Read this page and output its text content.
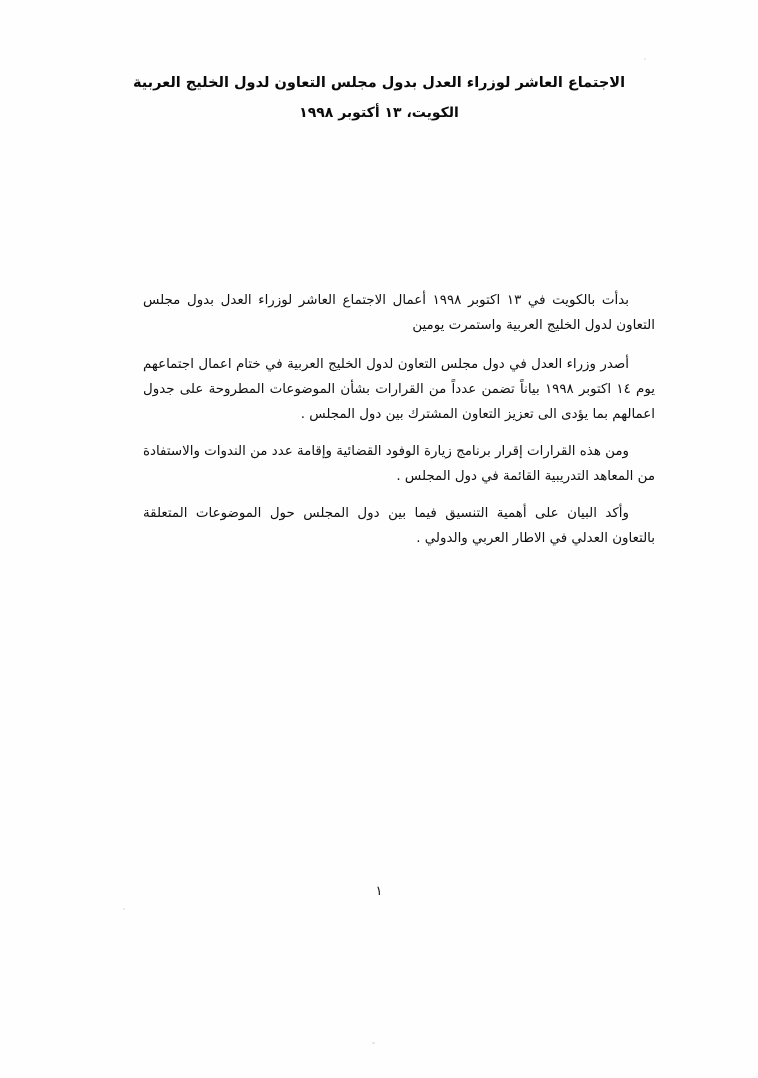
الاجتماع العاشر لوزراء العدل بدول مجلس التعاون لدول الخليج العربية
الكويت، ١٣ أكتوبر ١٩٩٨

بدأت بالكويت في ١٣ اكتوبر ١٩٩٨ أعمال الاجتماع العاشر لوزراء العدل بدول مجلس التعاون لدول الخليج العربية واستمرت يومين

أصدر وزراء العدل في دول مجلس التعاون لدول الخليج العربية في ختام اعمال اجتماعهم يوم ١٤ اكتوبر ١٩٩٨ بياناً تضمن عدداً من القرارات بشأن الموضوعات المطروحة على جدول اعمالهم بما يؤدى الى تعزيز التعاون المشترك بين دول المجلس .

ومن هذه القرارات إقرار برنامج زيارة الوفود القضائية وإقامة عدد من الندوات والاستفادة من المعاهد التدريبية القائمة في دول المجلس .

وأكد البيان على أهمية التنسيق فيما بين دول المجلس حول الموضوعات المتعلقة بالتعاون العدلي في الاطار العربي والدولي .

١
